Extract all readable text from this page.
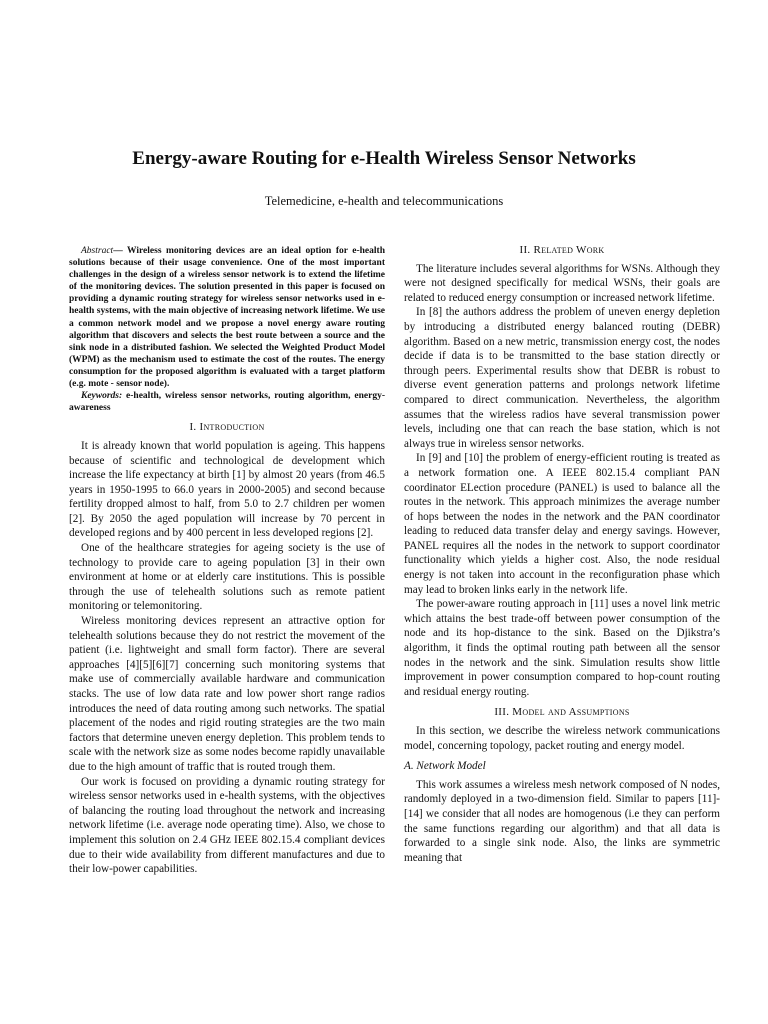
Energy-aware Routing for e-Health Wireless Sensor Networks
Telemedicine, e-health and telecommunications

Abstract— Wireless monitoring devices are an ideal option for e-health solutions because of their usage convenience. One of the most important challenges in the design of a wireless sensor network is to extend the lifetime of the monitoring devices. The solution presented in this paper is focused on providing a dynamic routing strategy for wireless sensor networks used in e-health systems, with the main objective of increasing network lifetime. We use a common network model and we propose a novel energy aware routing algorithm that discovers and selects the best route between a source and the sink node in a distributed fashion. We selected the Weighted Product Model (WPM) as the mechanism used to estimate the cost of the routes. The energy consumption for the proposed algorithm is evaluated with a target platform (e.g. mote - sensor node).

Keywords: e-health, wireless sensor networks, routing algorithm, energy-awareness

I. Introduction

It is already known that world population is ageing. This happens because of scientific and technological de development which increase the life expectancy at birth [1] by almost 20 years (from 46.5 years in 1950-1995 to 66.0 years in 2000-2005) and second because fertility dropped almost to half, from 5.0 to 2.7 children per women [2]. By 2050 the aged population will increase by 70 percent in developed regions and by 400 percent in less developed regions [2].

One of the healthcare strategies for ageing society is the use of technology to provide care to ageing population [3] in their own environment at home or at elderly care institutions. This is possible through the use of telehealth solutions such as remote patient monitoring or telemonitoring.

Wireless monitoring devices represent an attractive option for telehealth solutions because they do not restrict the movement of the patient (i.e. lightweight and small form factor). There are several approaches [4][5][6][7] concerning such monitoring systems that make use of commercially available hardware and communication stacks. The use of low data rate and low power short range radios introduces the need of data routing among such networks. The spatial placement of the nodes and rigid routing strategies are the two main factors that determine uneven energy depletion. This problem tends to scale with the network size as some nodes become rapidly unavailable due to the high amount of traffic that is routed trough them.

Our work is focused on providing a dynamic routing strategy for wireless sensor networks used in e-health systems, with the objectives of balancing the routing load throughout the network and increasing network lifetime (i.e. average node operating time). Also, we chose to implement this solution on 2.4 GHz IEEE 802.15.4 compliant devices due to their wide availability from different manufactures and due to their low-power capabilities.

II. Related Work

The literature includes several algorithms for WSNs. Although they were not designed specifically for medical WSNs, their goals are related to reduced energy consumption or increased network lifetime.

In [8] the authors address the problem of uneven energy depletion by introducing a distributed energy balanced routing (DEBR) algorithm. Based on a new metric, transmission energy cost, the nodes decide if data is to be transmitted to the base station directly or through peers. Experimental results show that DEBR is robust to diverse event generation patterns and prolongs network lifetime compared to direct communication. Nevertheless, the algorithm assumes that the wireless radios have several transmission power levels, including one that can reach the base station, which is not always true in wireless sensor networks.

In [9] and [10] the problem of energy-efficient routing is treated as a network formation one. A IEEE 802.15.4 compliant PAN coordinator ELection procedure (PANEL) is used to balance all the routes in the network. This approach minimizes the average number of hops between the nodes in the network and the PAN coordinator leading to reduced data transfer delay and energy savings. However, PANEL requires all the nodes in the network to support coordinator functionality which yields a higher cost. Also, the node residual energy is not taken into account in the reconfiguration phase which may lead to broken links early in the network life.

The power-aware routing approach in [11] uses a novel link metric which attains the best trade-off between power consumption of the node and its hop-distance to the sink. Based on the Djikstra’s algorithm, it finds the optimal routing path between all the sensor nodes in the network and the sink. Simulation results show little improvement in power consumption compared to hop-count routing and residual energy routing.

III. Model and Assumptions

In this section, we describe the wireless network communications model, concerning topology, packet routing and energy model.

A. Network Model

This work assumes a wireless mesh network composed of N nodes, randomly deployed in a two-dimension field. Similar to papers [11]-[14] we consider that all nodes are homogenous (i.e they can perform the same functions regarding our algorithm) and that all data is forwarded to a single sink node. Also, the links are symmetric meaning that
